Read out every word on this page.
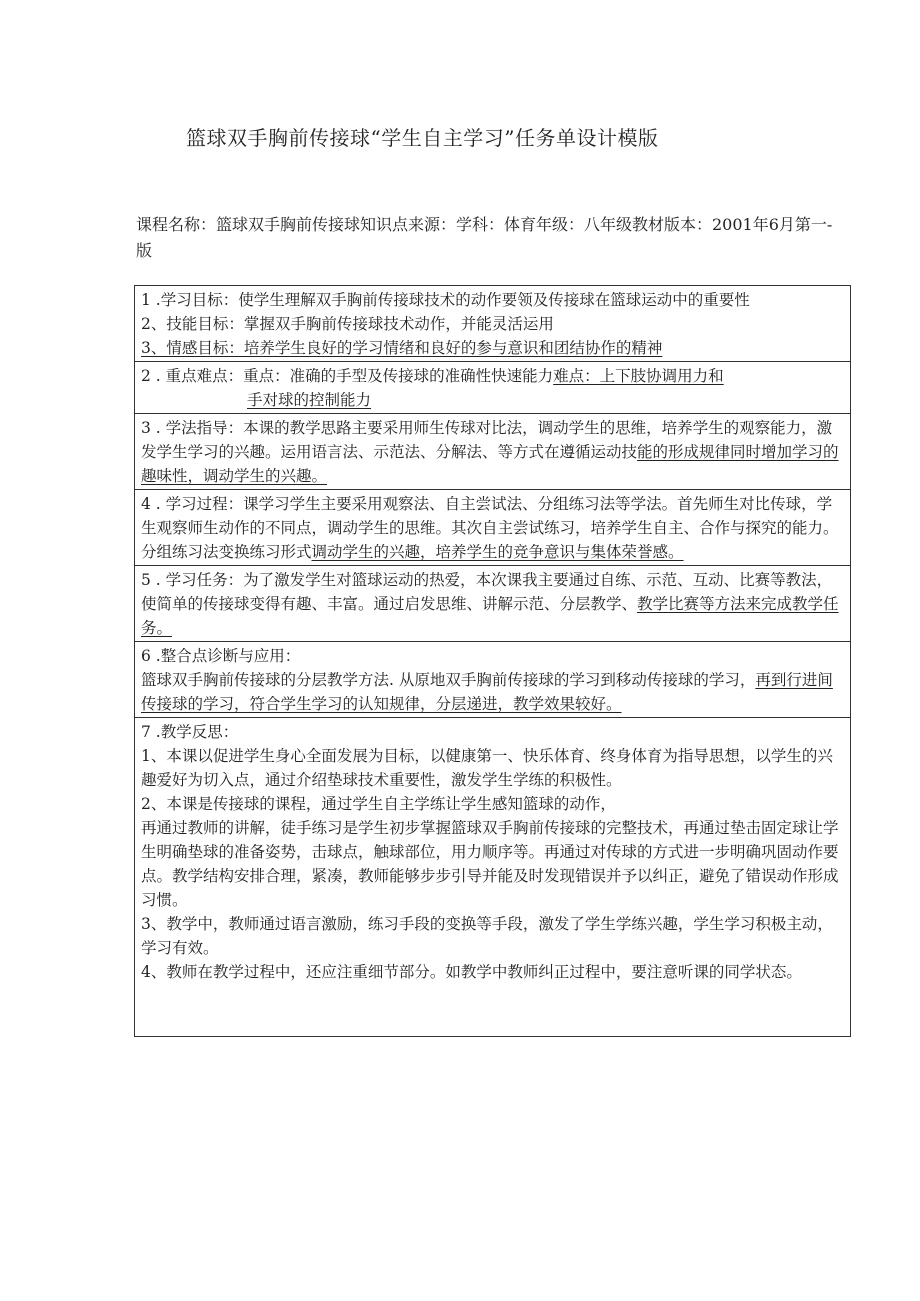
篮球双手胸前传接球“学生自主学习”任务单设计模版
课程名称：篮球双手胸前传接球知识点来源：学科：体育年级：八年级教材版本：2001年6月第一-版
1 .学习目标：使学生理解双手胸前传接球技术的动作要领及传接球在篮球运动中的重要性
2、技能目标：掌握双手胸前传接球技术动作，并能灵活运用
3、情感目标：培养学生良好的学习情绪和良好的参与意识和团结协作的精神
2 . 重点难点：重点：准确的手型及传接球的准确性快速能力难点：上下肢协调用力和
手对球的控制能力
3 . 学法指导：本课的教学思路主要采用师生传球对比法，调动学生的思维，培养学生的观察能力，激发学生学习的兴趣。运用语言法、示范法、分解法、等方式在遵循运动技能的形成规律同时增加学习的趣味性，调动学生的兴趣。
4 . 学习过程：课学习学生主要采用观察法、自主尝试法、分组练习法等学法。首先师生对比传球，学生观察师生动作的不同点，调动学生的思维。其次自主尝试练习，培养学生自主、合作与探究的能力。分组练习法变换练习形式调动学生的兴趣，培养学生的竞争意识与集体荣誉感。
5 . 学习任务：为了激发学生对篮球运动的热爱，本次课我主要通过自练、示范、互动、比赛等教法，使简单的传接球变得有趣、丰富。通过启发思维、讲解示范、分层教学、教学比赛等方法来完成教学任务。
6 .整合点诊断与应用：
篮球双手胸前传接球的分层教学方法. 从原地双手胸前传接球的学习到移动传接球的学习，再到行进间传接球的学习，符合学生学习的认知规律，分层递进，教学效果较好。
7 .教学反思：
1、本课以促进学生身心全面发展为目标，以健康第一、快乐体育、终身体育为指导思想，以学生的兴趣爱好为切入点，通过介绍垫球技术重要性，激发学生学练的积极性。
2、本课是传接球的课程，通过学生自主学练让学生感知篮球的动作，
再通过教师的讲解，徒手练习是学生初步掌握篮球双手胸前传接球的完整技术，再通过垫击固定球让学生明确垫球的准备姿势，击球点，触球部位，用力顺序等。再通过对传球的方式进一步明确巩固动作要点。教学结构安排合理，紧凑，教师能够步步引导并能及时发现错误并予以纠正，避免了错误动作形成习惯。
3、教学中，教师通过语言激励，练习手段的变换等手段，激发了学生学练兴趣，学生学习积极主动，学习有效。
4、教师在教学过程中，还应注重细节部分。如教学中教师纠正过程中，要注意听课的同学状态。
